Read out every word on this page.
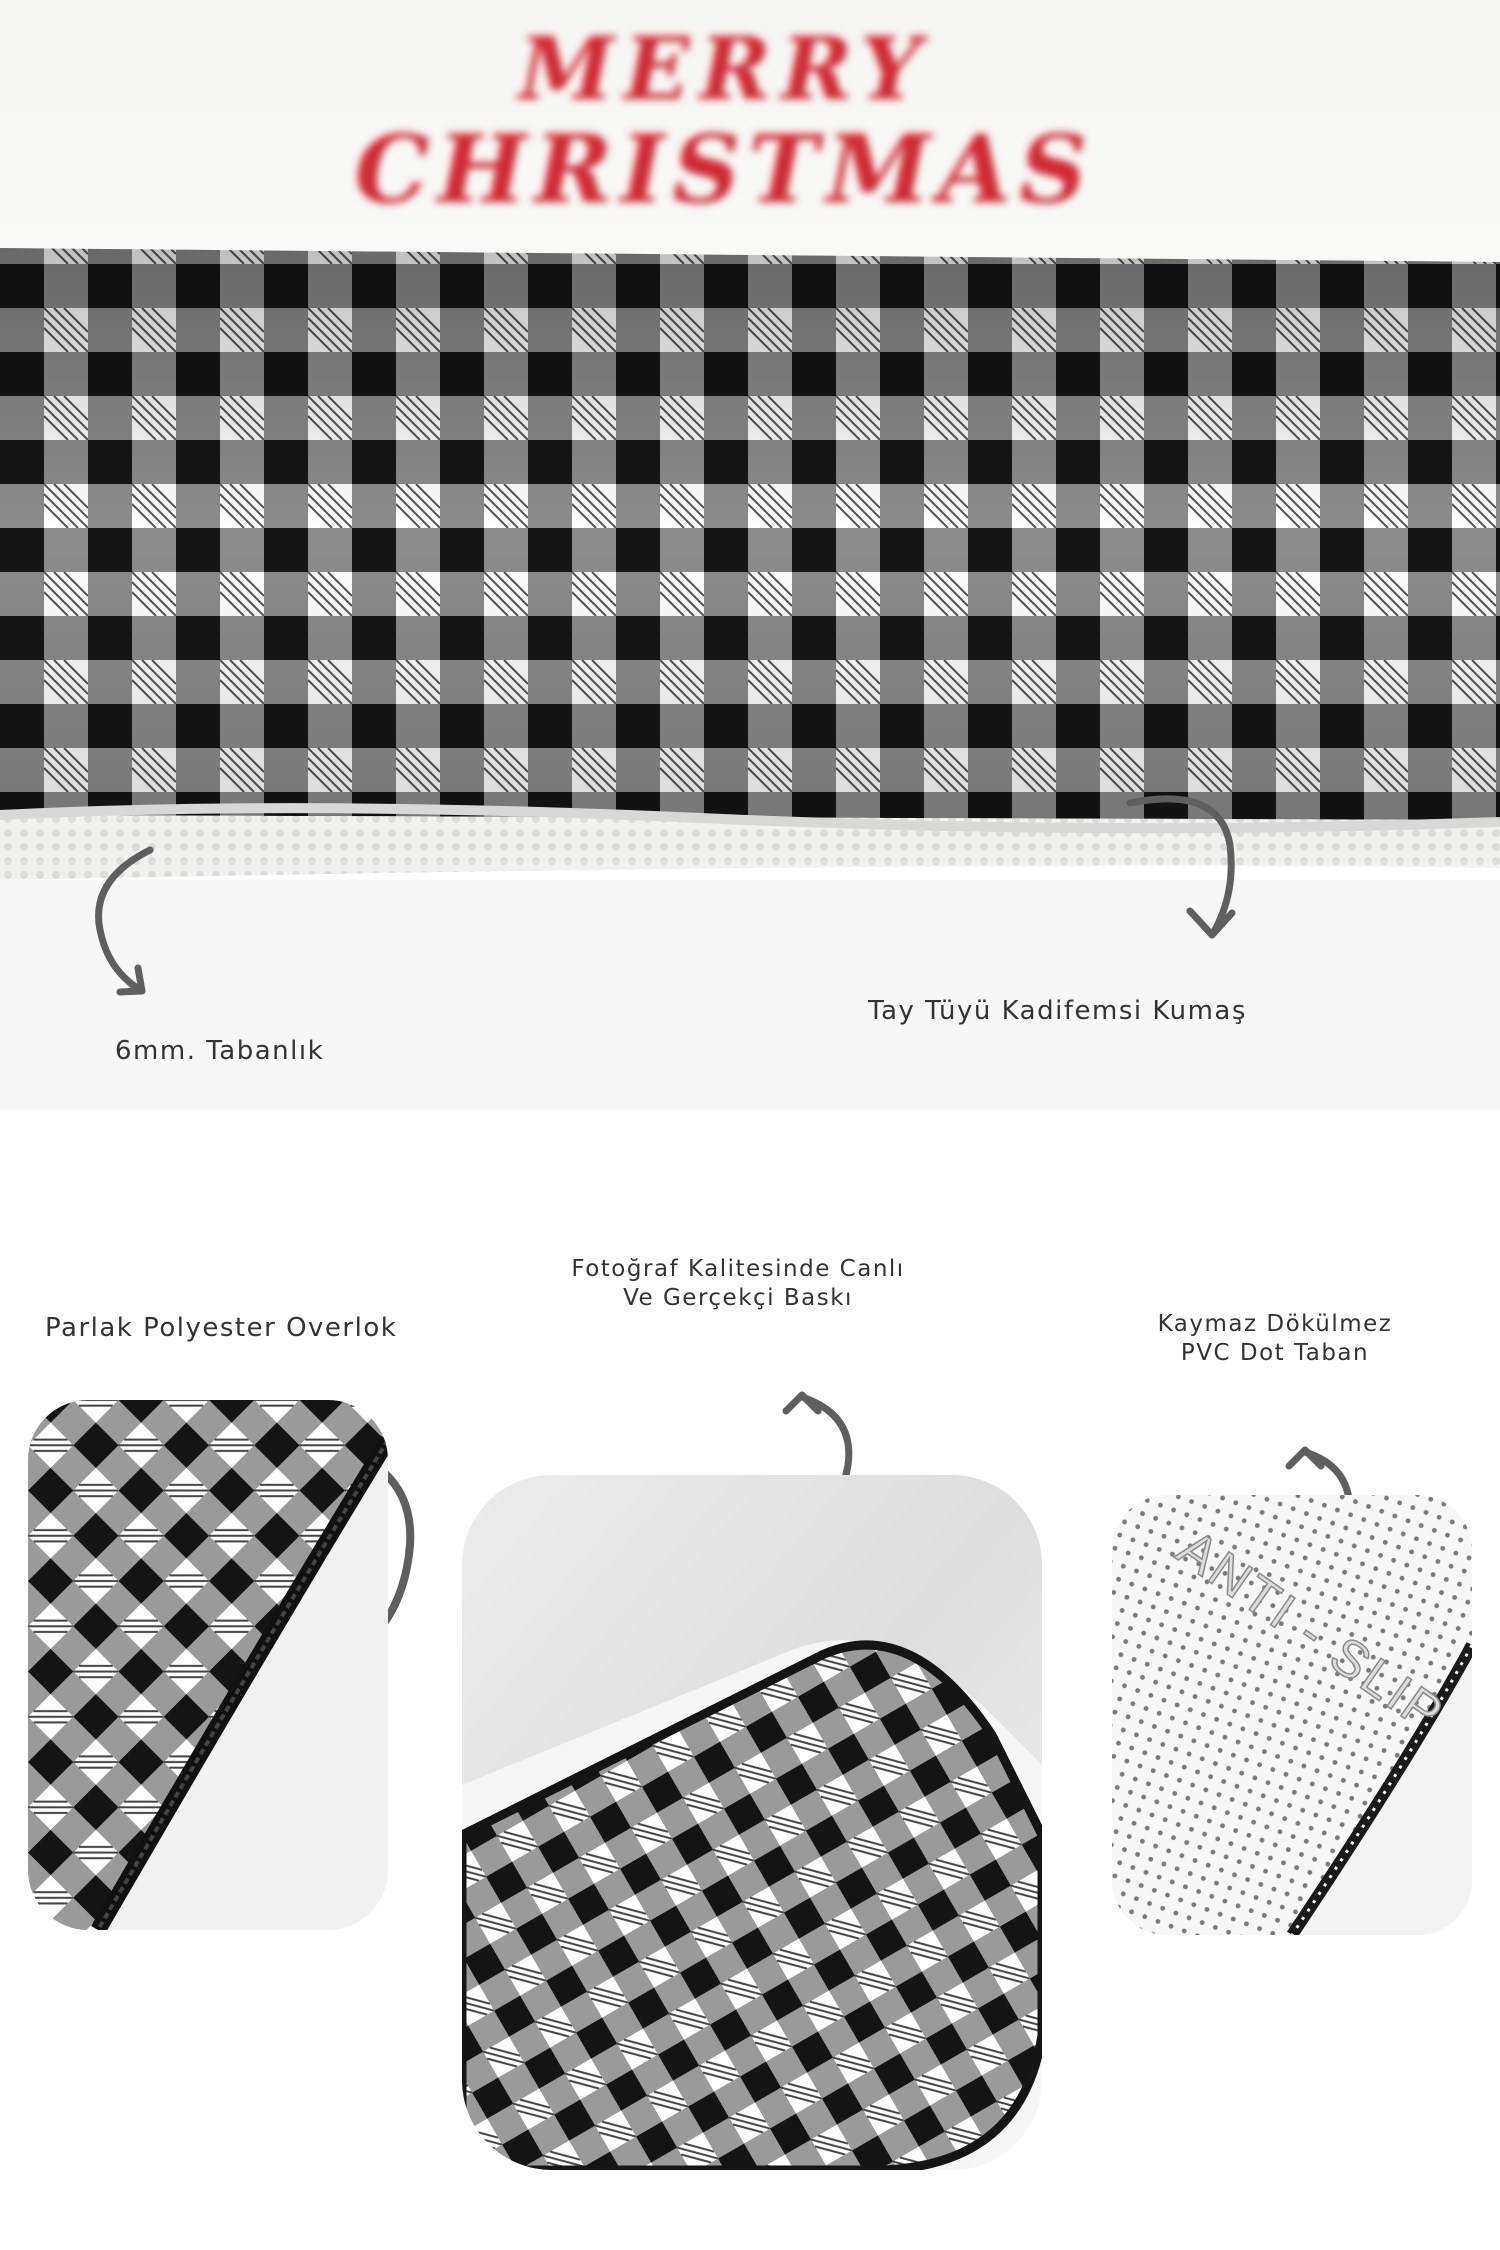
MERRY
CHRISTMAS
6mm. Tabanlık
Tay Tüyü Kadifemsi Kumaş
Parlak Polyester Overlok
Fotoğraf Kalitesinde Canlı
Ve Gerçekçi Baskı
Kaymaz Dökülmez
PVC Dot Taban
ANTI - SLIP
